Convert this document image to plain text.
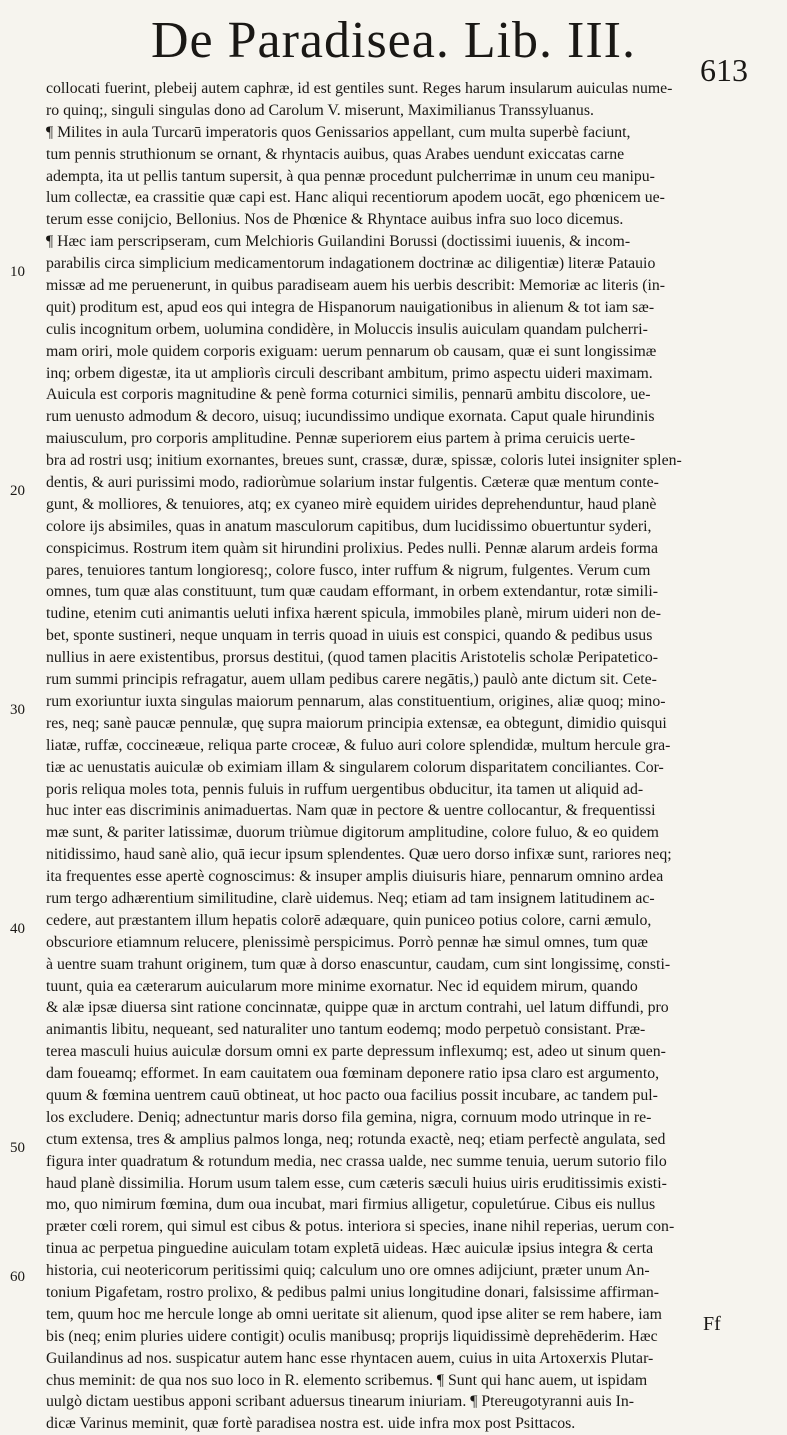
De Paradisea. Lib. III.
613
10
20
30
40
50
60
collocati fuerint, plebeij autem caphræ, id est gentiles sunt. Reges harum insularum auiculas nume-
ro quinq;, singuli singulas dono ad Carolum V. miserunt, Maximilianus Transsyluanus.
¶ Milites in aula Turcarū imperatoris quos Genissarios appellant, cum multa superbè faciunt,
tum pennis struthionum se ornant, & rhyntacis auibus, quas Arabes uendunt exiccatas carne
adempta, ita ut pellis tantum supersit, à qua pennæ procedunt pulcherrimæ in unum ceu manipu-
lum collectæ, ea crassitie quæ capi est. Hanc aliqui recentiorum apodem uocāt, ego phœnicem ue-
terum esse conijcio, Bellonius. Nos de Phœnice & Rhyntace auibus infra suo loco dicemus.
¶ Hæc iam perscripseram, cum Melchioris Guilandini Borussi (doctissimi iuuenis, & incom-
parabilis circa simplicium medicamentorum indagationem doctrinæ ac diligentiæ) literæ Patauio
missæ ad me peruenerunt, in quibus paradiseam auem his uerbis describit: Memoriæ ac literis (in-
quit) proditum est, apud eos qui integra de Hispanorum nauigationibus in alienum & tot iam sæ-
culis incognitum orbem, uolumina condidère, in Moluccis insulis auiculam quandam pulcherri-
mam oriri, mole quidem corporis exiguam: uerum pennarum ob causam, quæ ei sunt longissimæ
inq; orbem digestæ, ita ut ampliorìs circuli describant ambitum, primo aspectu uideri maximam.
Auicula est corporis magnitudine & penè forma coturnici similis, pennarū ambitu discolore, ue-
rum uenusto admodum & decoro, uisuq; iucundissimo undique exornata. Caput quale hirundinis
maiusculum, pro corporis amplitudine. Pennæ superiorem eius partem à prima ceruicis uerte-
bra ad rostri usq; initium exornantes, breues sunt, crassæ, duræ, spissæ, coloris lutei insigniter splen-
dentis, & auri purissimi modo, radiorùmue solarium instar fulgentis. Cæteræ quæ mentum conte-
gunt, & molliores, & tenuiores, atq; ex cyaneo mirè equidem uirides deprehenduntur, haud planè
colore ijs absimiles, quas in anatum masculorum capitibus, dum lucidissimo obuertuntur syderi,
conspicimus. Rostrum item quàm sit hirundini prolixius. Pedes nulli. Pennæ alarum ardeis forma
pares, tenuiores tantum longioresq;, colore fusco, inter ruffum & nigrum, fulgentes. Verum cum
omnes, tum quæ alas constituunt, tum quæ caudam efformant, in orbem extendantur, rotæ simili-
tudine, etenim cuti animantis ueluti infixa hærent spicula, immobiles planè, mirum uideri non de-
bet, sponte sustineri, neque unquam in terris quoad in uiuis est conspici, quando & pedibus usus
nullius in aere existentibus, prorsus destitui, (quod tamen placitis Aristotelis scholæ Peripatetico-
rum summi principis refragatur, auem ullam pedibus carere negātis,) paulò ante dictum sit. Cete-
rum exoriuntur iuxta singulas maiorum pennarum, alas constituentium, origines, aliæ quoq; mino-
res, neq; sanè paucæ pennulæ, quę supra maiorum principia extensæ, ea obtegunt, dimidio quisqui
liatæ, ruffæ, coccineæue, reliqua parte croceæ, & fuluo auri colore splendidæ, multum hercule gra-
tiæ ac uenustatis auiculæ ob eximiam illam & singularem colorum disparitatem conciliantes. Cor-
poris reliqua moles tota, pennis fuluis in ruffum uergentibus obducitur, ita tamen ut aliquid ad-
huc inter eas discriminis animaduertas. Nam quæ in pectore & uentre collocantur, & frequentissi
mæ sunt, & pariter latissimæ, duorum triùmue digitorum amplitudine, colore fuluo, & eo quidem
nitidissimo, haud sanè alio, quā iecur ipsum splendentes. Quæ uero dorso infixæ sunt, rariores neq;
ita frequentes esse apertè cognoscimus: & insuper amplis diuisuris hiare, pennarum omnino ardea
rum tergo adhærentium similitudine, clarè uidemus. Neq; etiam ad tam insignem latitudinem ac-
cedere, aut præstantem illum hepatis colorē adæquare, quin puniceo potius colore, carni æmulo,
obscuriore etiamnum relucere, plenissimè perspicimus. Porrò pennæ hæ simul omnes, tum quæ
à uentre suam trahunt originem, tum quæ à dorso enascuntur, caudam, cum sint longissimę, consti-
tuunt, quia ea cæterarum auicularum more minime exornatur. Nec id equidem mirum, quando
& alæ ipsæ diuersa sint ratione concinnatæ, quippe quæ in arctum contrahi, uel latum diffundi, pro
animantis libitu, nequeant, sed naturaliter uno tantum eodemq; modo perpetuò consistant. Præ-
terea masculi huius auiculæ dorsum omni ex parte depressum inflexumq; est, adeo ut sinum quen-
dam foueamq; efformet. In eam cauitatem oua fœminam deponere ratio ipsa claro est argumento,
quum & fœmina uentrem cauū obtineat, ut hoc pacto oua facilius possit incubare, ac tandem pul-
los excludere. Deniq; adnectuntur maris dorso fila gemina, nigra, cornuum modo utrinque in re-
ctum extensa, tres & amplius palmos longa, neq; rotunda exactè, neq; etiam perfectè angulata, sed
figura inter quadratum & rotundum media, nec crassa ualde, nec summe tenuia, uerum sutorio filo
haud planè dissimilia. Horum usum talem esse, cum cæteris sæculi huius uiris eruditissimis existi-
mo, quo nimirum fœmina, dum oua incubat, mari firmius alligetur, copuletúrue. Cibus eis nullus
præter cœli rorem, qui simul est cibus & potus. interiora si species, inane nihil reperias, uerum con-
tinua ac perpetua pinguedine auiculam totam expletā uideas. Hæc auiculæ ipsius integra & certa
historia, cui neotericorum peritissimi quiq; calculum uno ore omnes adijciunt, præter unum An-
tonium Pigafetam, rostro prolixo, & pedibus palmi unius longitudine donari, falsissime affirman-
tem, quum hoc me hercule longe ab omni ueritate sit alienum, quod ipse aliter se rem habere, iam
bis (neq; enim pluries uidere contigit) oculis manibusq; proprijs liquidissimè deprehēderim. Hæc
Guilandinus ad nos. suspicatur autem hanc esse rhyntacen auem, cuius in uita Artoxerxis Plutar-
chus meminit: de qua nos suo loco in R. elemento scribemus. ¶ Sunt qui hanc auem, ut ispidam
uulgò dictam uestibus apponi scribant aduersus tinearum iniuriam. ¶ Ptereugotyranni auis In-
dicæ Varinus meminit, quæ fortè paradisea nostra est. uide infra mox post Psittacos.
Ff
